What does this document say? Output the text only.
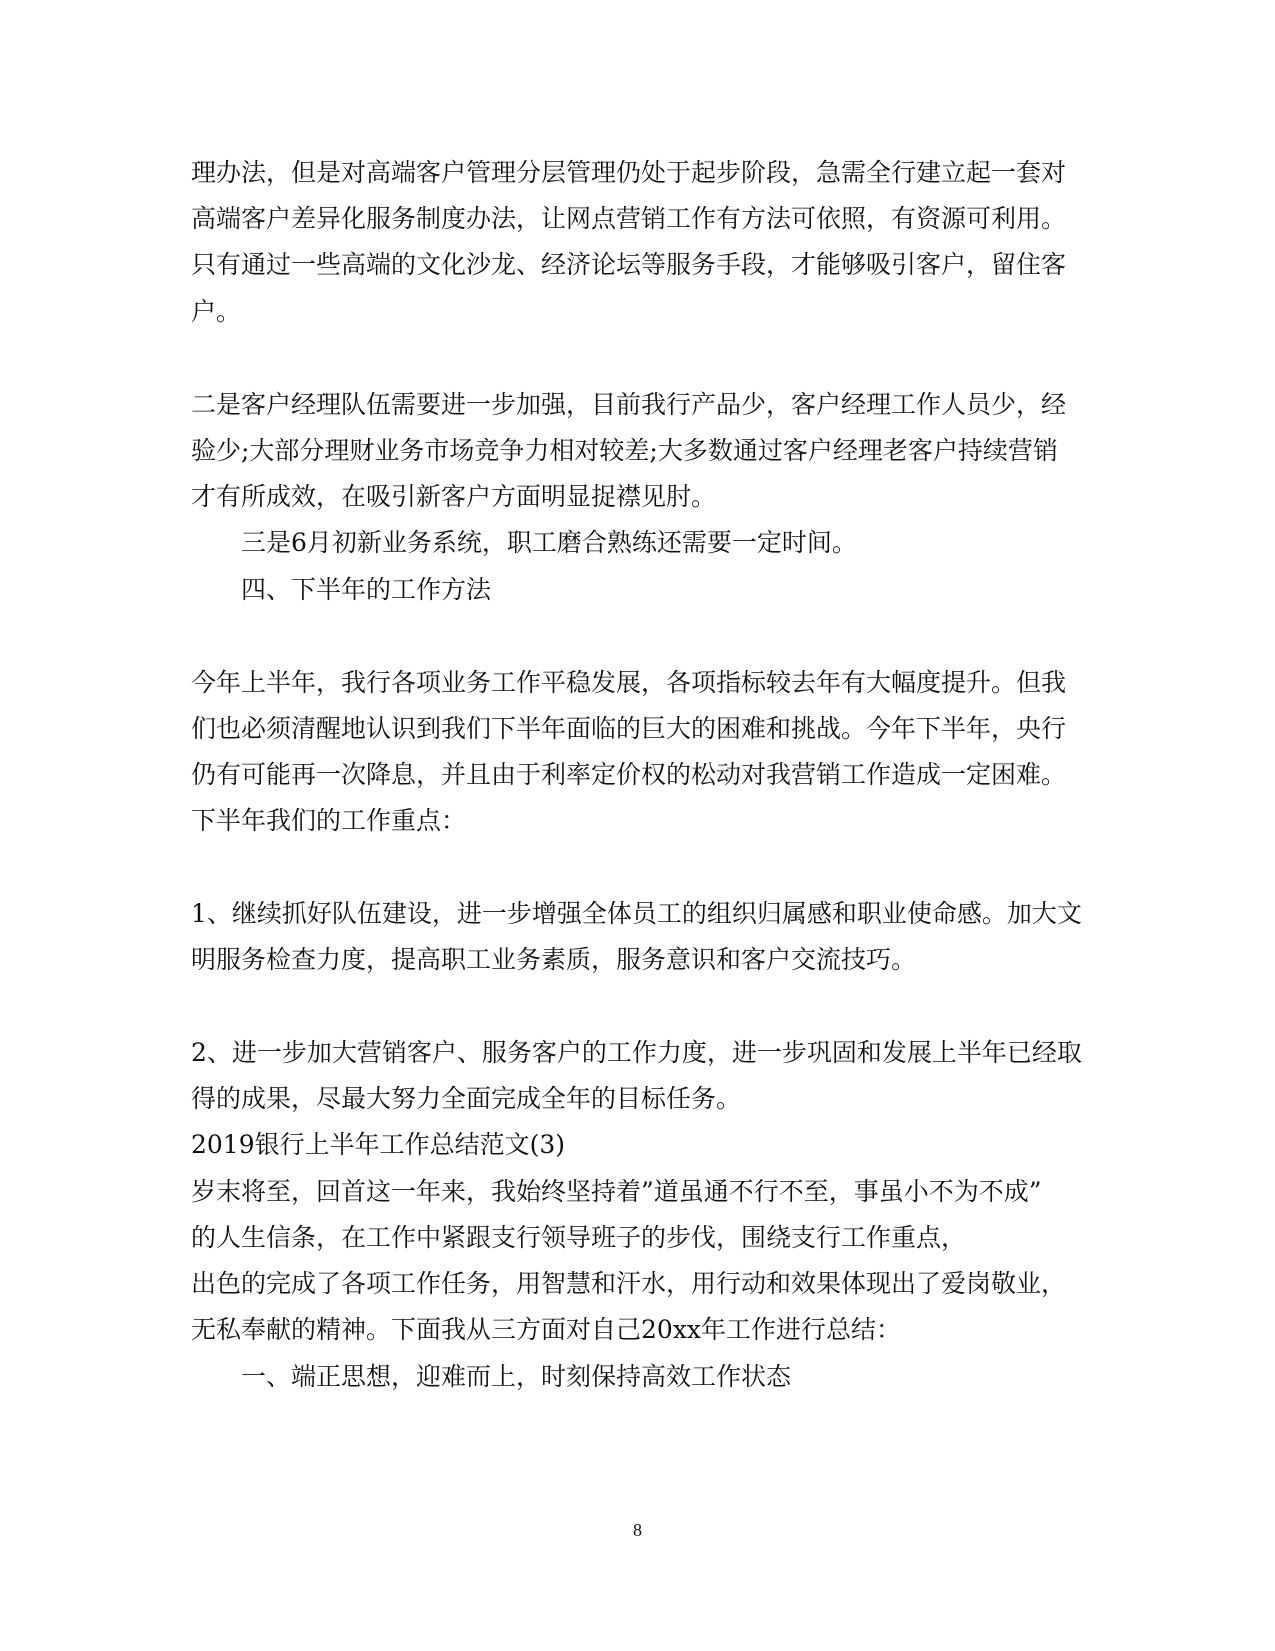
理办法，但是对高端客户管理分层管理仍处于起步阶段，急需全行建立起一套对
高端客户差异化服务制度办法，让网点营销工作有方法可依照，有资源可利用。
只有通过一些高端的文化沙龙、经济论坛等服务手段，才能够吸引客户，留住客
户。
二是客户经理队伍需要进一步加强，目前我行产品少，客户经理工作人员少，经
验少;大部分理财业务市场竞争力相对较差;大多数通过客户经理老客户持续营销
才有所成效，在吸引新客户方面明显捉襟见肘。
三是6月初新业务系统，职工磨合熟练还需要一定时间。
四、下半年的工作方法
今年上半年，我行各项业务工作平稳发展，各项指标较去年有大幅度提升。但我
们也必须清醒地认识到我们下半年面临的巨大的困难和挑战。今年下半年，央行
仍有可能再一次降息，并且由于利率定价权的松动对我营销工作造成一定困难。
下半年我们的工作重点：
1、继续抓好队伍建设，进一步增强全体员工的组织归属感和职业使命感。加大文
明服务检查力度，提高职工业务素质，服务意识和客户交流技巧。
2、进一步加大营销客户、服务客户的工作力度，进一步巩固和发展上半年已经取
得的成果，尽最大努力全面完成全年的目标任务。
2019银行上半年工作总结范文(3)
岁末将至，回首这一年来，我始终坚持着”道虽通不行不至，事虽小不为不成”
的人生信条，在工作中紧跟支行领导班子的步伐，围绕支行工作重点，
出色的完成了各项工作任务，用智慧和汗水，用行动和效果体现出了爱岗敬业，
无私奉献的精神。下面我从三方面对自己20xx年工作进行总结：
一、端正思想，迎难而上，时刻保持高效工作状态
8
